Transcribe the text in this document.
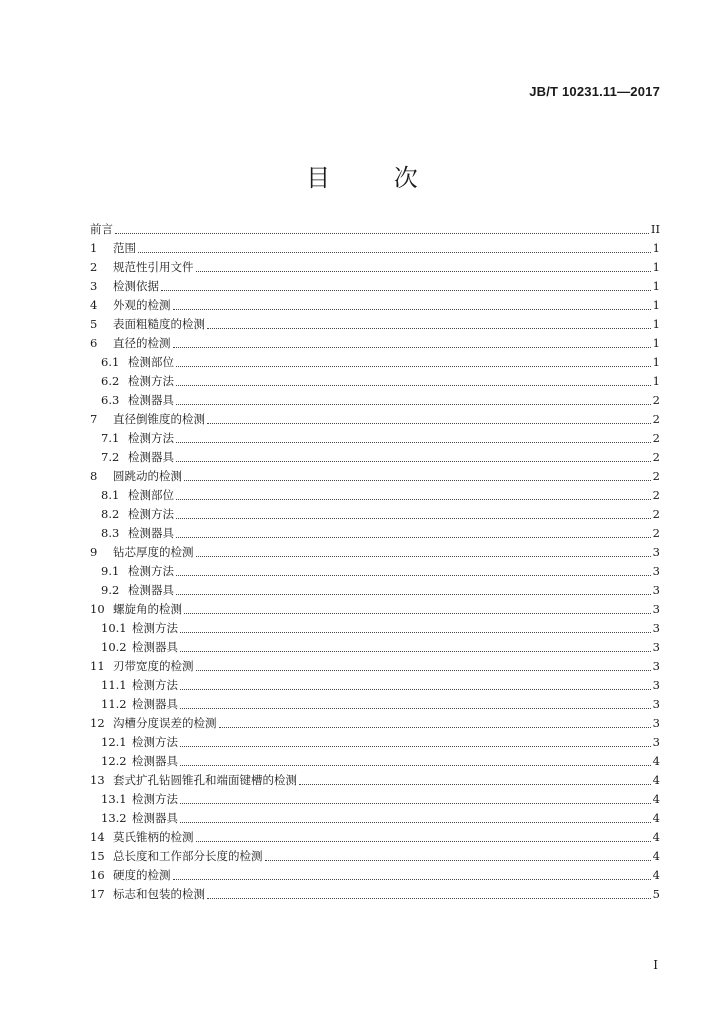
JB/T 10231.11—2017
目 次
前言	II
1	范围	1
2	规范性引用文件	1
3	检测依据	1
4	外观的检测	1
5	表面粗糙度的检测	1
6	直径的检测	1
6.1 检测部位	1
6.2 检测方法	1
6.3 检测器具	2
7	直径倒锥度的检测	2
7.1 检测方法	2
7.2 检测器具	2
8	圆跳动的检测	2
8.1 检测部位	2
8.2 检测方法	2
8.3 检测器具	2
9	钻芯厚度的检测	3
9.1 检测方法	3
9.2 检测器具	3
10 螺旋角的检测	3
10.1 检测方法	3
10.2 检测器具	3
11 刃带宽度的检测	3
11.1 检测方法	3
11.2 检测器具	3
12 沟槽分度误差的检测	3
12.1 检测方法	3
12.2 检测器具	4
13 套式扩孔钻圆锥孔和端面键槽的检测	4
13.1 检测方法	4
13.2 检测器具	4
14 莫氏锥柄的检测	4
15 总长度和工作部分长度的检测	4
16 硬度的检测	4
17 标志和包装的检测	5
I
